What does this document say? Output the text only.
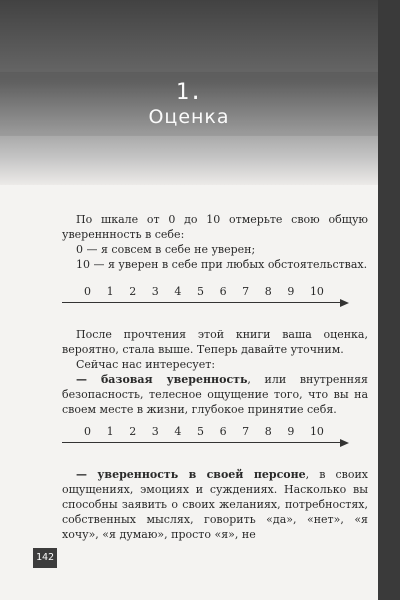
1.
Оценка

По шкале от 0 до 10 отмерьте свою общую увереннность в себе:

0 — я совсем в себе не уверен;

10 — я уверен в себе при любых обстоятельствах.

0 1 2 3 4 5 6 7 8 9 10

После прочтения этой книги ваша оценка, вероятно, стала выше. Теперь давайте уточним.

Сейчас нас интересует:

— базовая уверенность, или внутренняя безопасность, телесное ощущение того, что вы на своем месте в жизни, глубокое принятие себя.

0 1 2 3 4 5 6 7 8 9 10

— уверенность в своей персоне, в своих ощущениях, эмоциях и суждениях. Насколько вы способны заявить о своих желаниях, потребностях, собственных мыслях, говорить «да», «нет», «я хочу», «я думаю», просто «я», не

142
